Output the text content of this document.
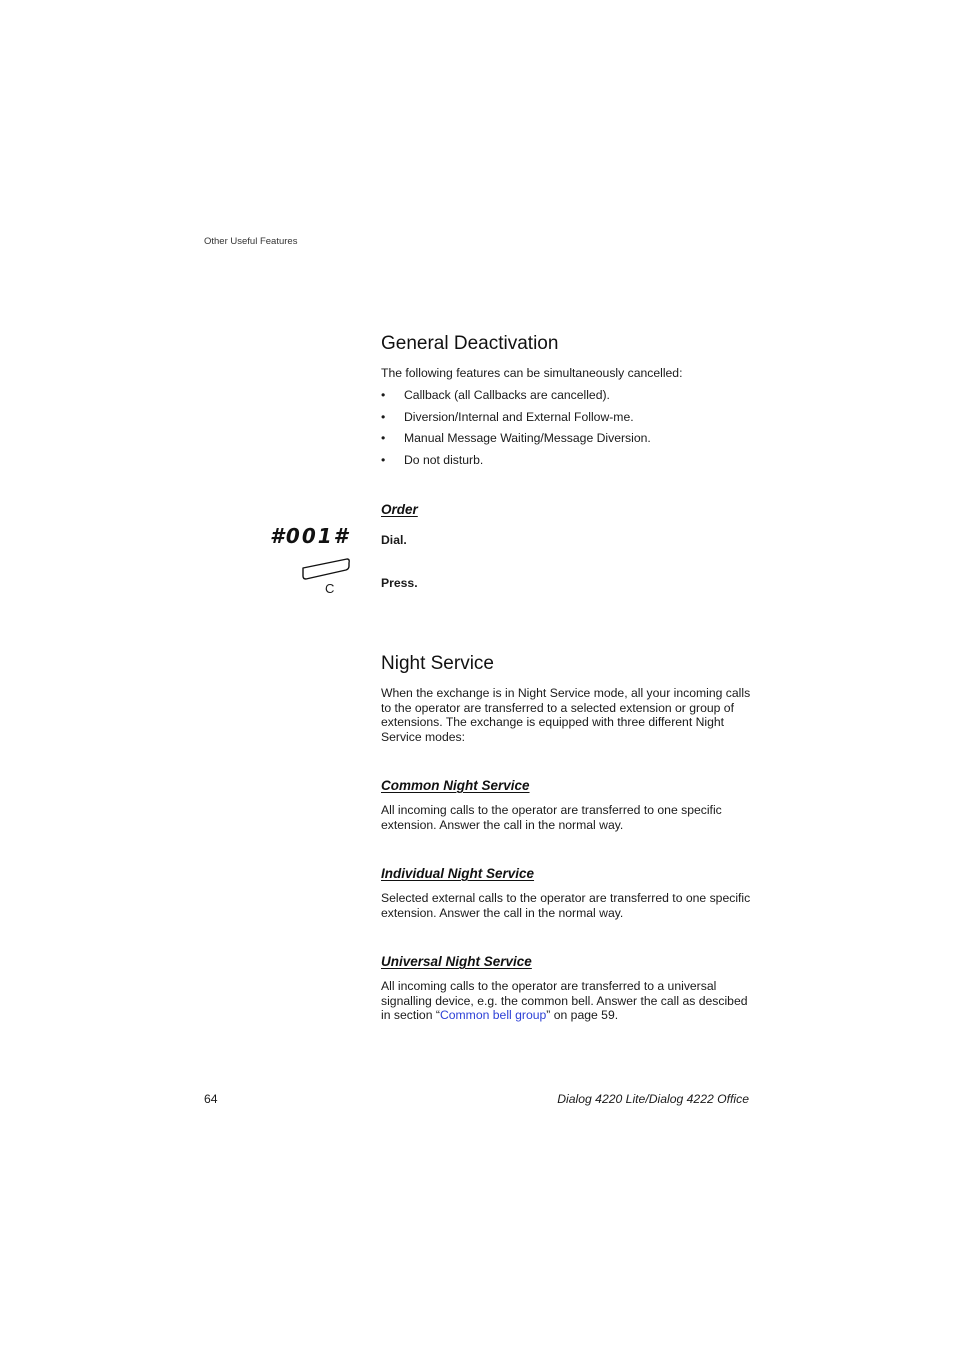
Other Useful Features
General Deactivation

The following features can be simultaneously cancelled:

• Callback (all Callbacks are cancelled).
• Diversion/Internal and External Follow-me.
• Manual Message Waiting/Message Diversion.
• Do not disturb.
Order
#001#	Dial.
C	Press.
Night Service

When the exchange is in Night Service mode, all your incoming calls to the operator are transferred to a selected extension or group of extensions. The exchange is equipped with three different Night Service modes:

Common Night Service

All incoming calls to the operator are transferred to one specific extension. Answer the call in the normal way.

Individual Night Service

Selected external calls to the operator are transferred to one specific extension. Answer the call in the normal way.

Universal Night Service

All incoming calls to the operator are transferred to a universal signalling device, e.g. the common bell. Answer the call as descibed in section “Common bell group” on page 59.

64	Dialog 4220 Lite/Dialog 4222 Office
